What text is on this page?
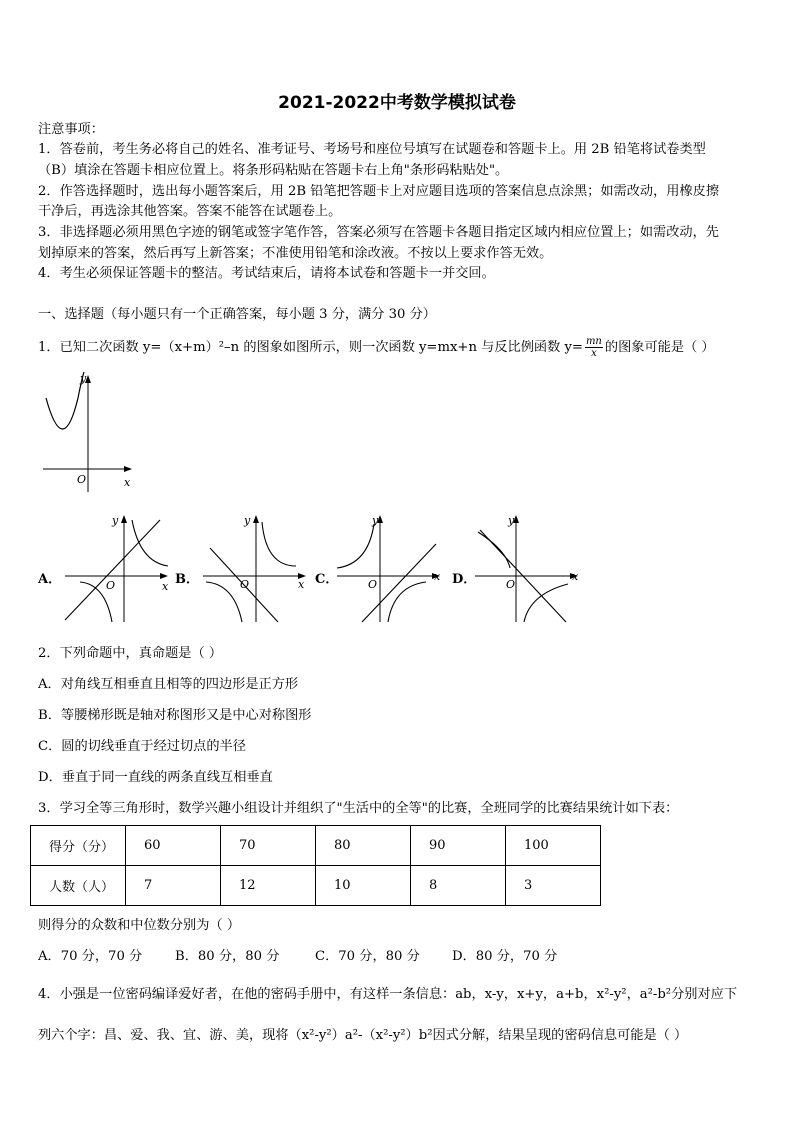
2021-2022中考数学模拟试卷
注意事项：
1．答卷前，考生务必将自己的姓名、准考证号、考场号和座位号填写在试题卷和答题卡上。用 2B 铅笔将试卷类型
（B）填涂在答题卡相应位置上。将条形码粘贴在答题卡右上角"条形码粘贴处"。
2．作答选择题时，选出每小题答案后，用 2B 铅笔把答题卡上对应题目选项的答案信息点涂黑；如需改动，用橡皮擦
干净后，再选涂其他答案。答案不能答在试题卷上。
3．非选择题必须用黑色字迹的钢笔或签字笔作答，答案必须写在答题卡各题目指定区域内相应位置上；如需改动，先
划掉原来的答案，然后再写上新答案；不准使用铅笔和涂改液。不按以上要求作答无效。
4．考生必须保证答题卡的整洁。考试结束后，请将本试卷和答题卡一并交回。
一、选择题（每小题只有一个正确答案，每小题 3 分，满分 30 分）
1．已知二次函数 y=（x+m）²–n 的图象如图所示，则一次函数 y=mx+n 与反比例函数 $y= \frac{mn}{x}$ 的图象可能是（ ）
y
x
O
A．
y
x
O	B．
y
x
O	C．
y
x
O	D．
y
x
O
2．下列命题中，真命题是（ ）
A．对角线互相垂直且相等的四边形是正方形
B．等腰梯形既是轴对称图形又是中心对称图形
C．圆的切线垂直于经过切点的半径
D．垂直于同一直线的两条直线互相垂直
3．学习全等三角形时，数学兴趣小组设计并组织了"生活中的全等"的比赛，全班同学的比赛结果统计如下表：
得分（分）	60	70	80	90	100
人数（人）	7	12	10	8	3
则得分的众数和中位数分别为（ ）
A．70 分，70 分 B．80 分，80 分	C．70 分，80 分 D．80 分，70 分
4．小强是一位密码编译爱好者，在他的密码手册中，有这样一条信息：ab，x-y，x+y，a+b，x²-y²，a²-b²分别对应下
列六个字：昌、爱、我、宜、游、美，现将（x²-y²）a²-（x²-y²）b²因式分解，结果呈现的密码信息可能是（ ）
